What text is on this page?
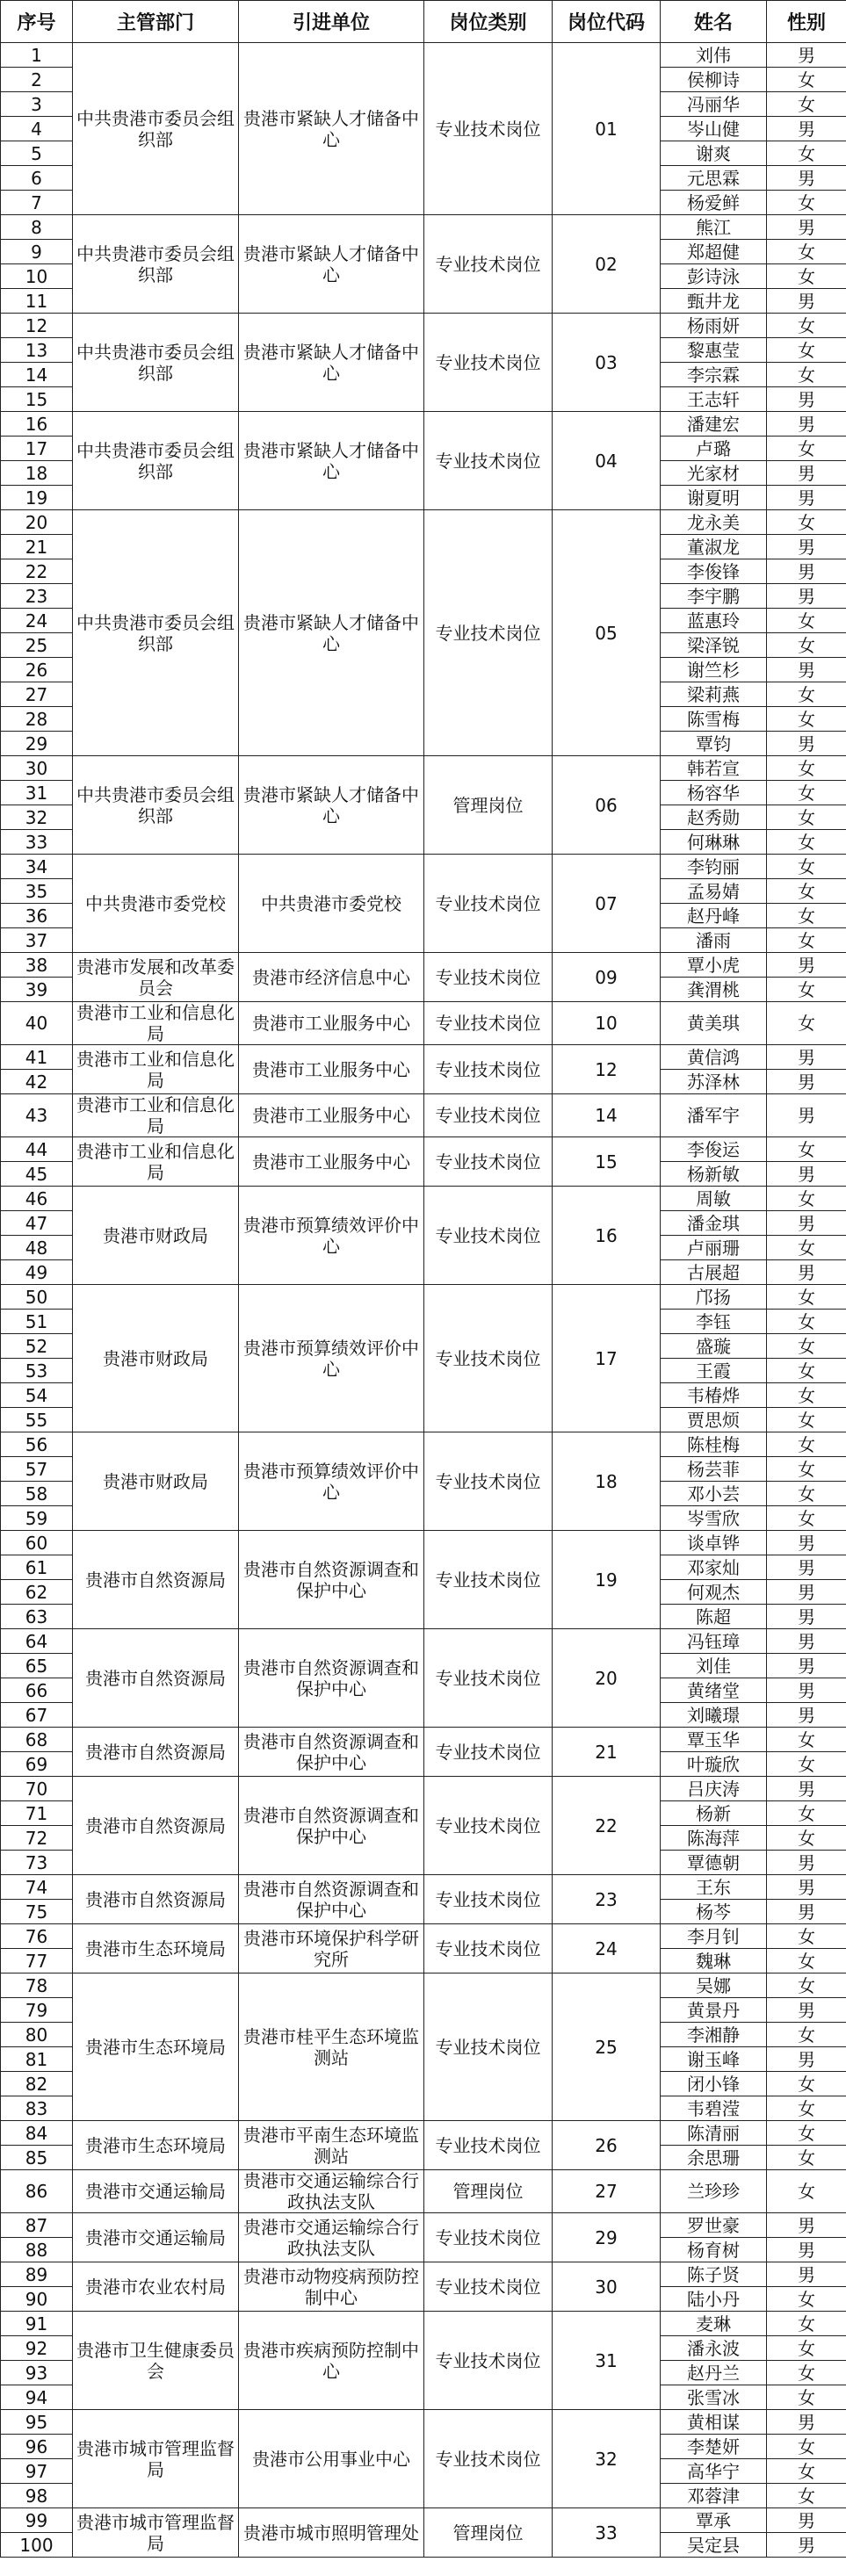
序号	主管部门	引进单位	岗位类别	岗位代码	姓名	性别
1	中共贵港市委员会组织部	贵港市紧缺人才储备中心	专业技术岗位	01	刘伟	男
2					侯柳诗	女
3					冯丽华	女
4					岑山健	男
5					谢爽	女
6					元思霖	男
7					杨爱鲜	女
8	中共贵港市委员会组织部	贵港市紧缺人才储备中心	专业技术岗位	02	熊江	男
9					郑超健	女
10					彭诗泳	女
11					甄井龙	男
12	中共贵港市委员会组织部	贵港市紧缺人才储备中心	专业技术岗位	03	杨雨妍	女
13					黎惠莹	女
14					李宗霖	女
15					王志轩	男
16	中共贵港市委员会组织部	贵港市紧缺人才储备中心	专业技术岗位	04	潘建宏	男
17					卢璐	女
18					光家材	男
19					谢夏明	男
20	中共贵港市委员会组织部	贵港市紧缺人才储备中心	专业技术岗位	05	龙永美	女
21					董淑龙	男
22					李俊锋	男
23					李宇鹏	男
24					蓝惠玲	女
25					梁泽锐	女
26					谢竺杉	男
27					梁莉燕	女
28					陈雪梅	女
29					覃钧	男
30	中共贵港市委员会组织部	贵港市紧缺人才储备中心	管理岗位	06	韩若宣	女
31					杨容华	女
32					赵秀勋	女
33					何琳琳	女
34	中共贵港市委党校	中共贵港市委党校	专业技术岗位	07	李钧丽	女
35					孟易婧	女
36					赵丹峰	女
37					潘雨	女
38	贵港市发展和改革委员会	贵港市经济信息中心	专业技术岗位	09	覃小虎	男
39					龚渭桃	女
40	贵港市工业和信息化局	贵港市工业服务中心	专业技术岗位	10	黄美琪	女
41	贵港市工业和信息化局	贵港市工业服务中心	专业技术岗位	12	黄信鸿	男
42					苏泽林	男
43	贵港市工业和信息化局	贵港市工业服务中心	专业技术岗位	14	潘军宇	男
44	贵港市工业和信息化局	贵港市工业服务中心	专业技术岗位	15	李俊运	女
45					杨新敏	男
46	贵港市财政局	贵港市预算绩效评价中心	专业技术岗位	16	周敏	女
47					潘金琪	男
48					卢丽珊	女
49					古展超	男
50	贵港市财政局	贵港市预算绩效评价中心	专业技术岗位	17	邝扬	女
51					李钰	女
52					盛璇	女
53					王霞	女
54					韦椿烨	女
55					贾思烦	女
56	贵港市财政局	贵港市预算绩效评价中心	专业技术岗位	18	陈桂梅	女
57					杨芸菲	女
58					邓小芸	女
59					岑雪欣	女
60	贵港市自然资源局	贵港市自然资源调查和保护中心	专业技术岗位	19	谈卓铧	男
61					邓家灿	男
62					何观杰	男
63					陈超	男
64	贵港市自然资源局	贵港市自然资源调查和保护中心	专业技术岗位	20	冯钰璋	男
65					刘佳	男
66					黄绪堂	男
67					刘曦璟	男
68	贵港市自然资源局	贵港市自然资源调查和保护中心	专业技术岗位	21	覃玉华	女
69					叶璇欣	女
70	贵港市自然资源局	贵港市自然资源调查和保护中心	专业技术岗位	22	吕庆涛	男
71					杨新	女
72					陈海萍	女
73					覃德朝	男
74	贵港市自然资源局	贵港市自然资源调查和保护中心	专业技术岗位	23	王东	男
75					杨芩	男
76	贵港市生态环境局	贵港市环境保护科学研究所	专业技术岗位	24	李月钊	女
77					魏琳	女
78	贵港市生态环境局	贵港市桂平生态环境监测站	专业技术岗位	25	吴娜	女
79					黄景丹	男
80					李湘静	女
81					谢玉峰	男
82					闭小锋	女
83					韦碧滢	女
84	贵港市生态环境局	贵港市平南生态环境监测站	专业技术岗位	26	陈清丽	女
85					余思珊	女
86	贵港市交通运输局	贵港市交通运输综合行政执法支队	管理岗位	27	兰珍珍	女
87	贵港市交通运输局	贵港市交通运输综合行政执法支队	专业技术岗位	29	罗世豪	男
88					杨育树	男
89	贵港市农业农村局	贵港市动物疫病预防控制中心	专业技术岗位	30	陈子贤	男
90					陆小丹	女
91	贵港市卫生健康委员会	贵港市疾病预防控制中心	专业技术岗位	31	麦琳	女
92					潘永波	女
93					赵丹兰	女
94					张雪冰	女
95	贵港市城市管理监督局	贵港市公用事业中心	专业技术岗位	32	黄相谋	男
96					李楚妍	女
97					高华宁	女
98					邓蓉津	女
99	贵港市城市管理监督局	贵港市城市照明管理处	管理岗位	33	覃承	男
100					吴定县	男
